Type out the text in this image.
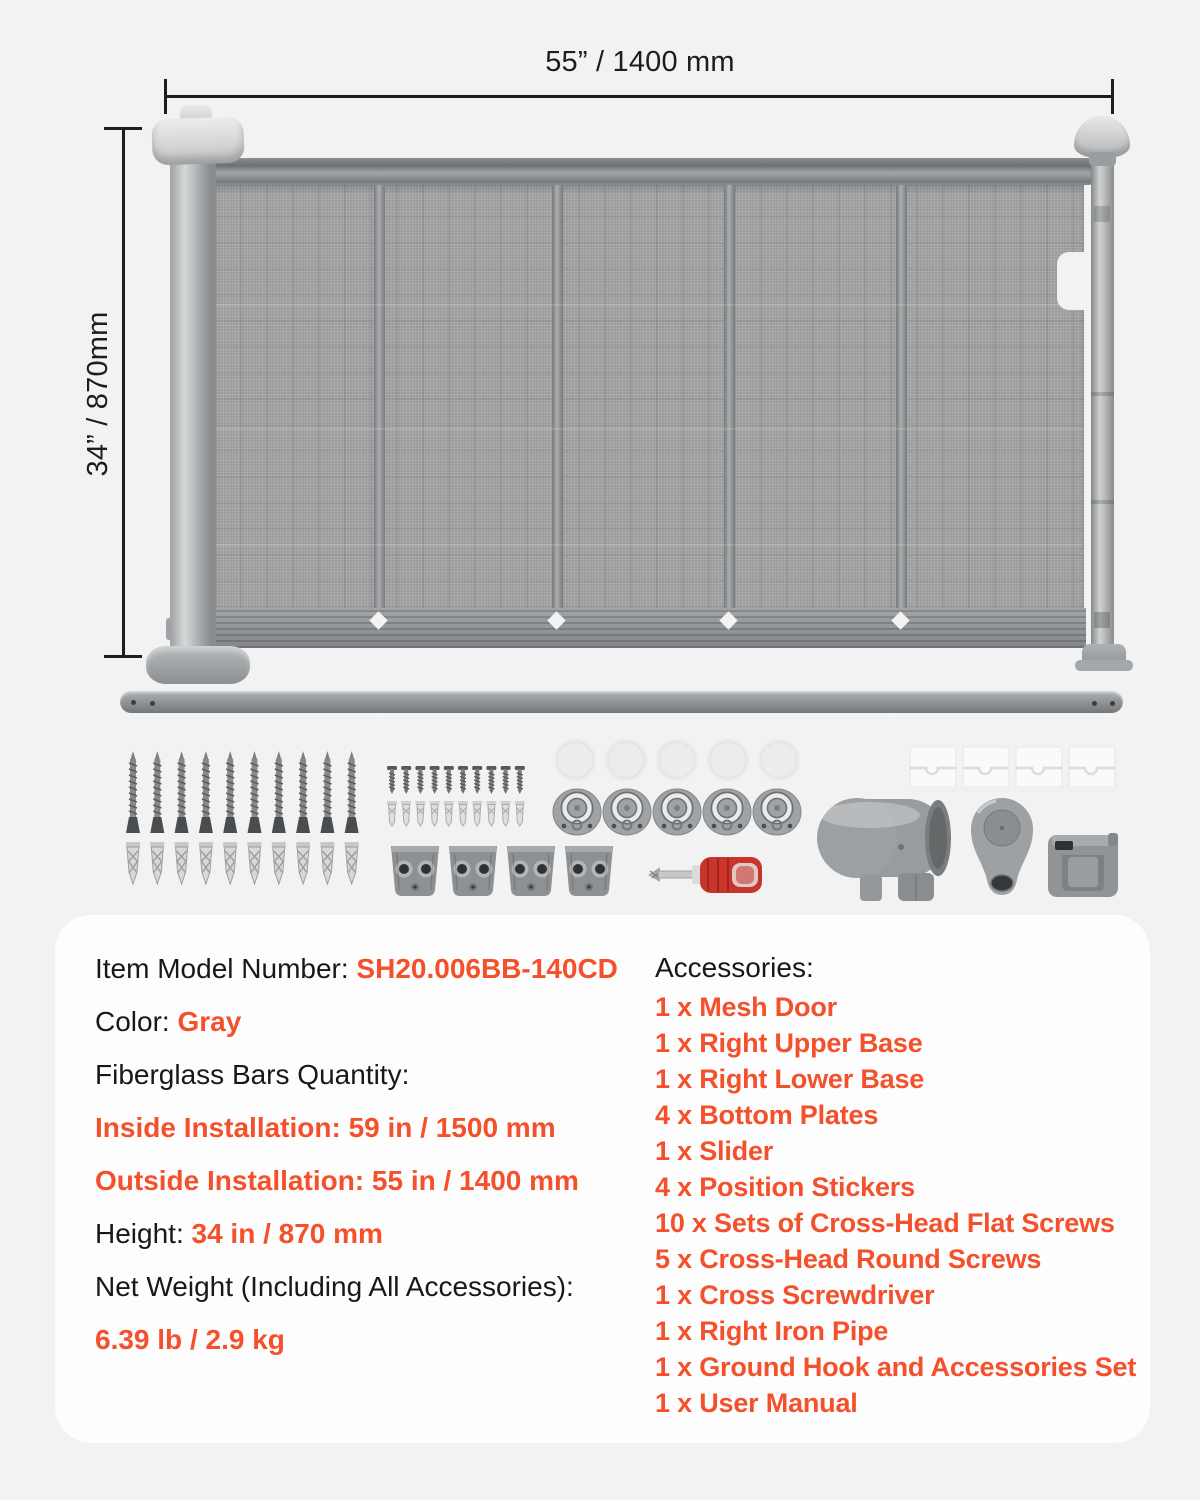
55” / 1400 mm
34” / 870mm
Item Model Number: SH20.006BB-140CD
Color: Gray
Fiberglass Bars Quantity:
Inside Installation: 59 in / 1500 mm
Outside Installation: 55 in / 1400 mm
Height: 34 in / 870 mm
Net Weight (Including All Accessories):
6.39 lb / 2.9 kg
Accessories:
1 x Mesh Door
1 x Right Upper Base
1 x Right Lower Base
4 x Bottom Plates
1 x Slider
4 x Position Stickers
10 x Sets of Cross-Head Flat Screws
5 x Cross-Head Round Screws
1 x Cross Screwdriver
1 x Right Iron Pipe
1 x Ground Hook and Accessories Set
1 x User Manual
